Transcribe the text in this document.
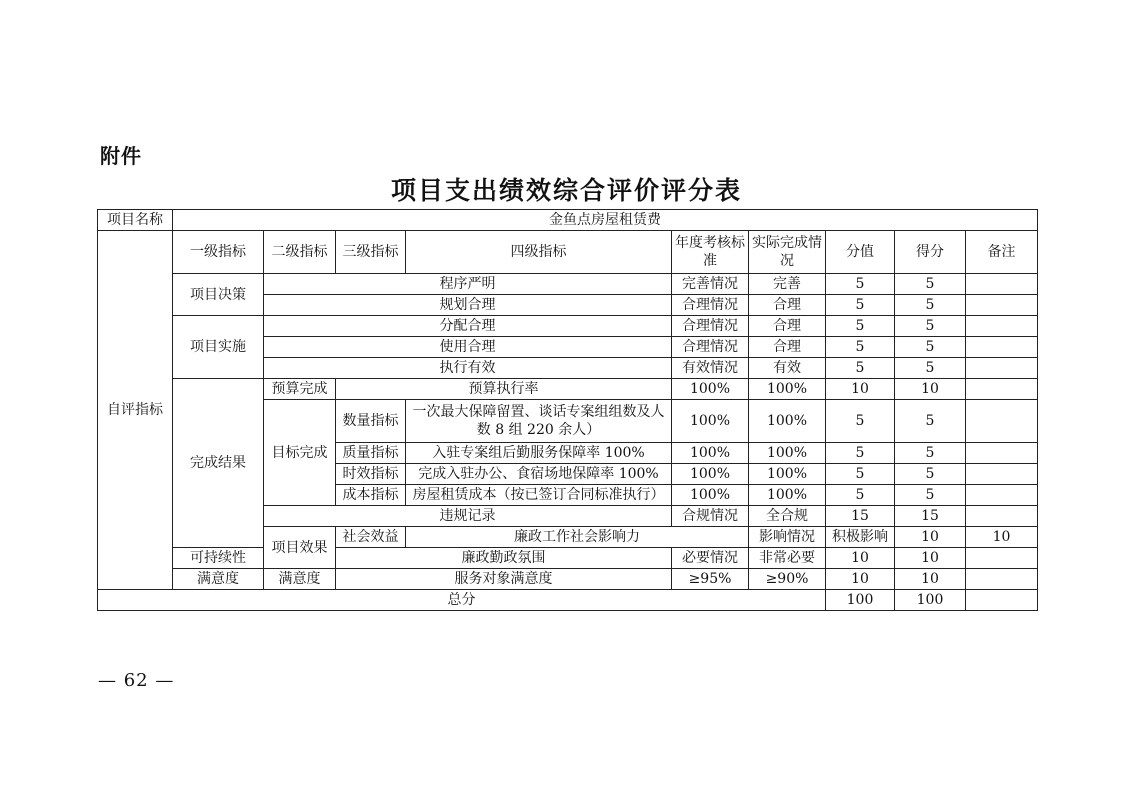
附件
项目支出绩效综合评价评分表
项目名称	金鱼点房屋租赁费									
自评指标	一级指标	二级指标	三级指标	四级指标	年度考核标准	实际完成情况	分值	得分	备注	
	项目决策	程序严明			完善情况	完善	5	5		
		规划合理			合理情况	合理	5	5		
	项目实施	分配合理			合理情况	合理	5	5		
		使用合理			合理情况	合理	5	5		
		执行有效			有效情况	有效	5	5		
	完成结果	预算完成	预算执行率		100%	100%	10	10		
		目标完成	数量指标	一次最大保障留置、谈话专案组组数及人数 8 组 220 余人）	100%	100%	5	5		
			质量指标	入驻专案组后勤服务保障率 100%	100%	100%	5	5		
			时效指标	完成入驻办公、食宿场地保障率 100%	100%	100%	5	5		
			成本指标	房屋租赁成本（按已签订合同标准执行）	100%	100%	5	5		
		违规记录			合规情况	全合规	15	15		
		项目效果	社会效益	廉政工作社会影响力		影响情况	积极影响	10	10	
	可持续性		廉政勤政氛围		必要情况	非常必要	10	10		
	满意度	满意度	服务对象满意度		≥95%	≥90%	10	10		
总分							100	100		
— 62 —
